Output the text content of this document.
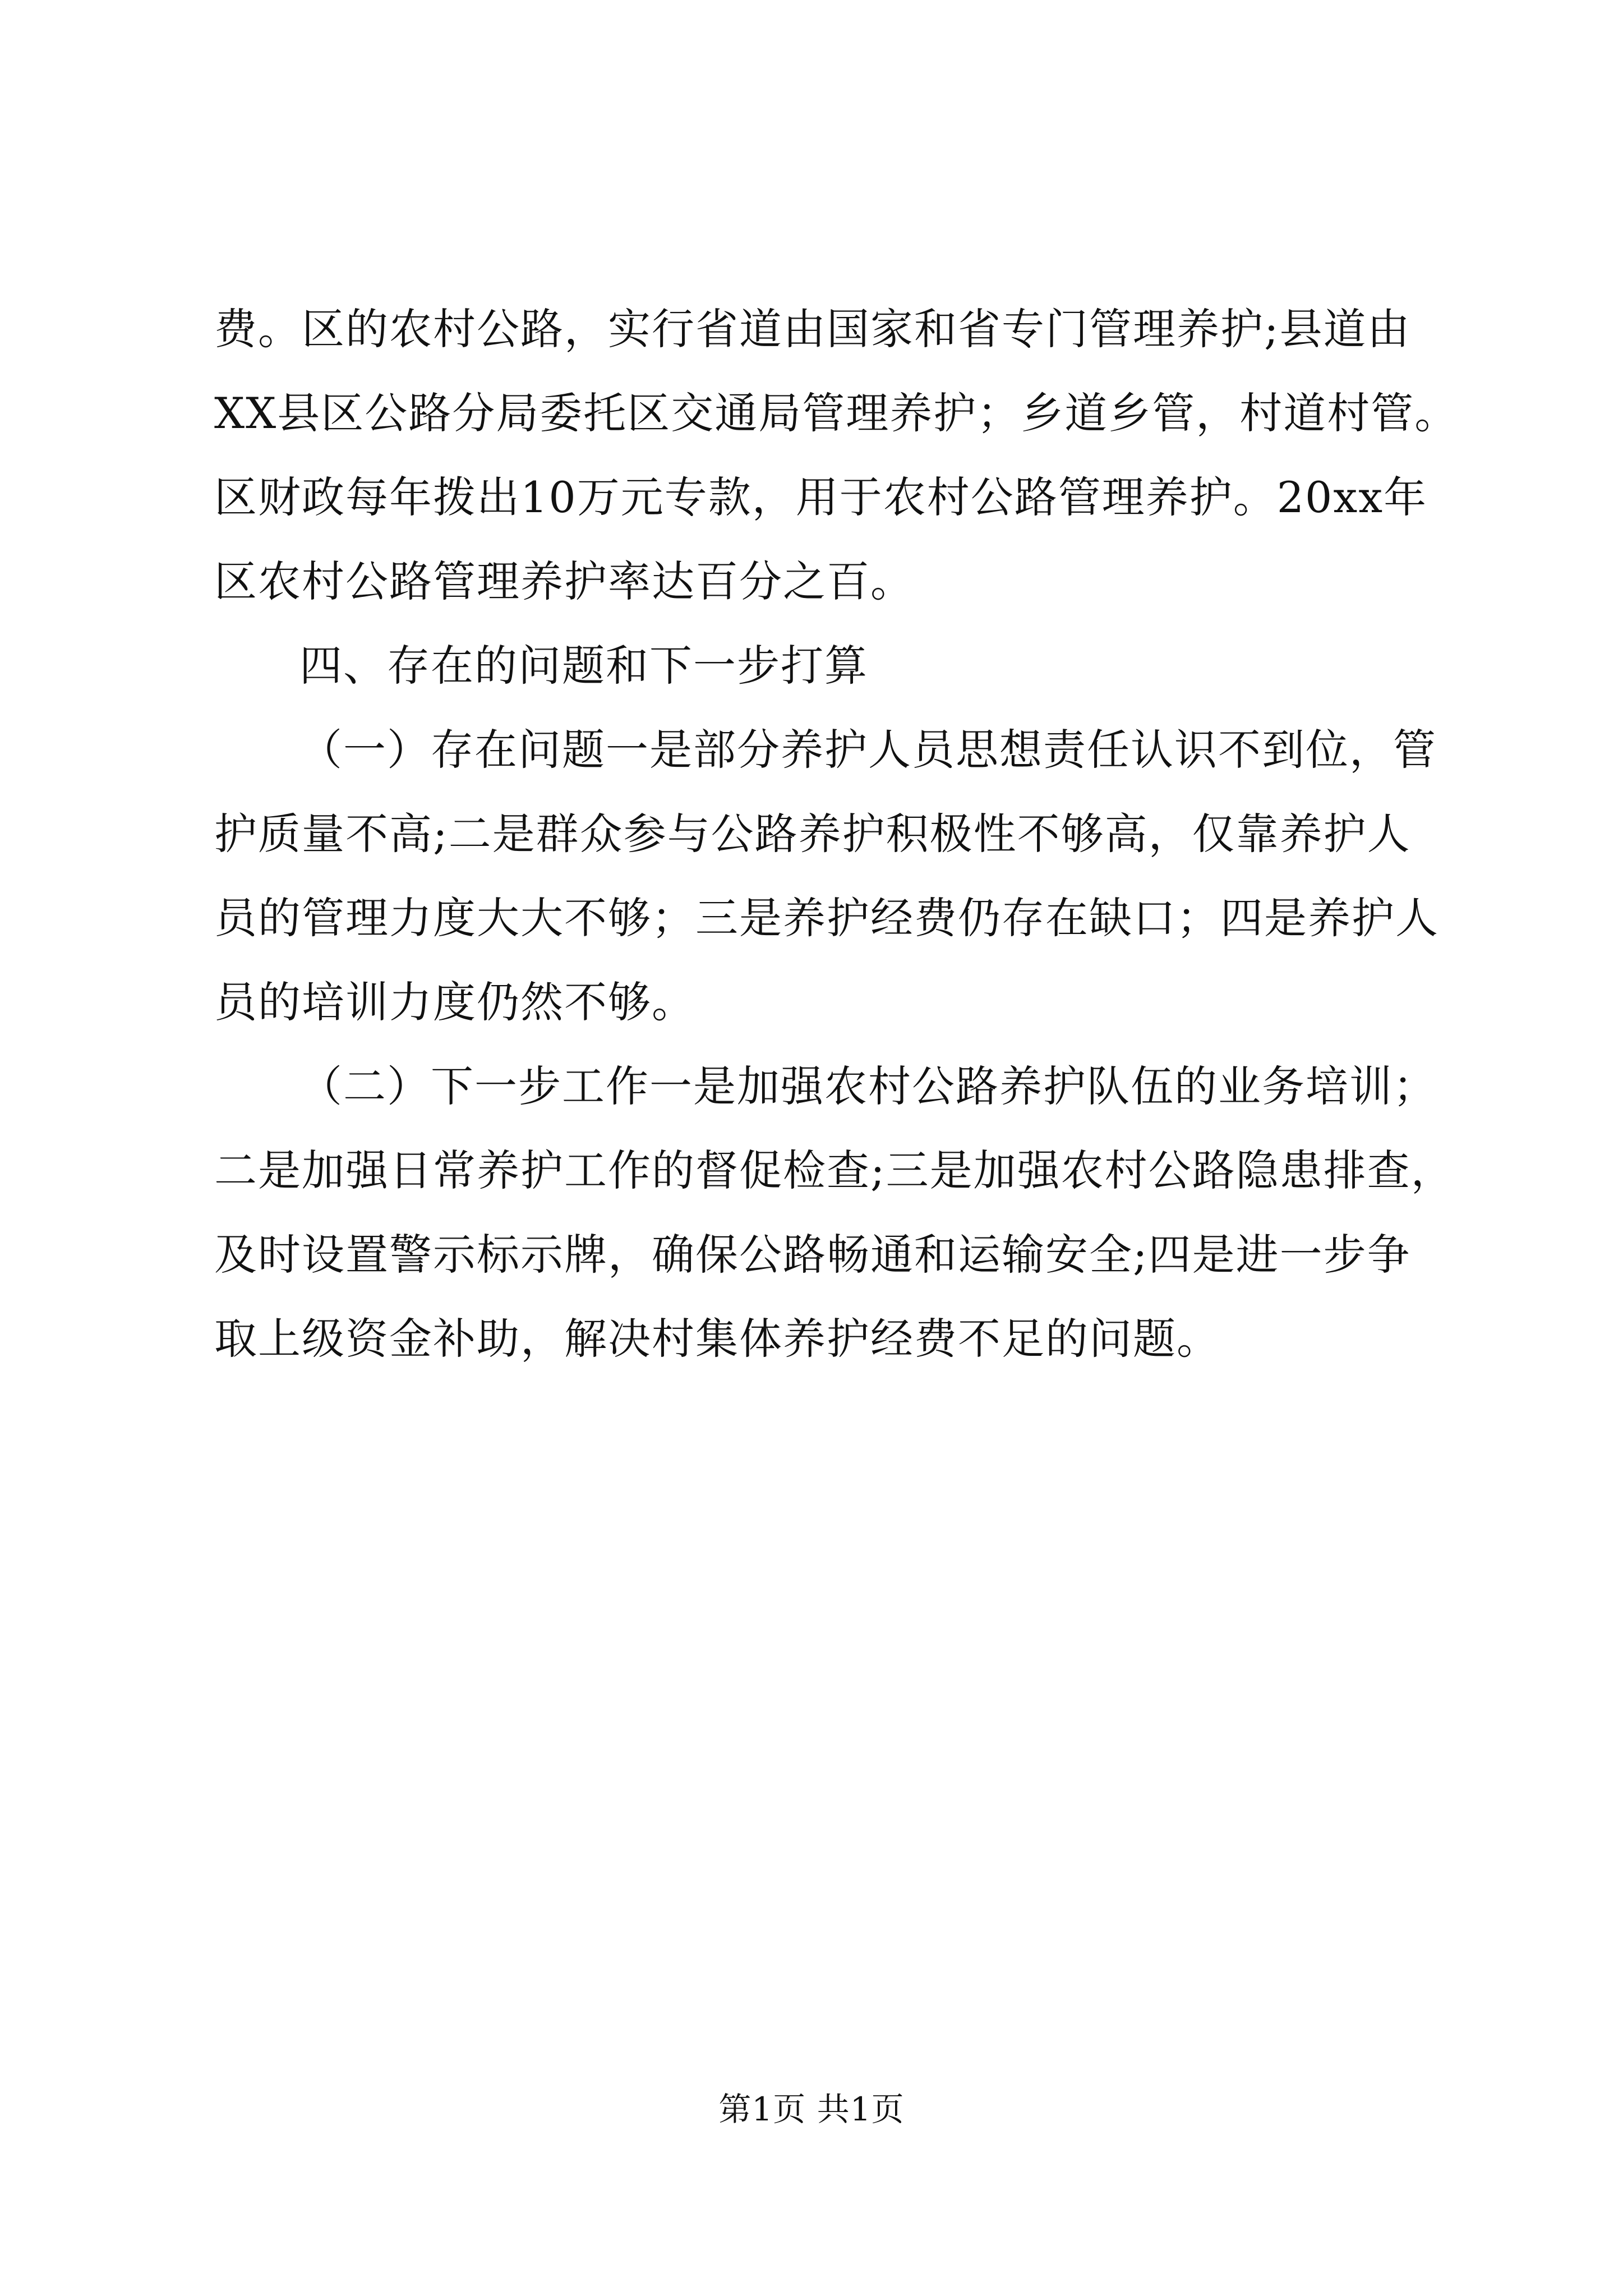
费。区的农村公路，实行省道由国家和省专门管理养护;县道由
XX县区公路分局委托区交通局管理养护；乡道乡管，村道村管。
区财政每年拨出10万元专款，用于农村公路管理养护。20xx年
区农村公路管理养护率达百分之百。

四、存在的问题和下一步打算

（一）存在问题一是部分养护人员思想责任认识不到位，管
护质量不高;二是群众参与公路养护积极性不够高，仅靠养护人
员的管理力度大大不够；三是养护经费仍存在缺口；四是养护人
员的培训力度仍然不够。

（二）下一步工作一是加强农村公路养护队伍的业务培训；
二是加强日常养护工作的督促检查;三是加强农村公路隐患排查，
及时设置警示标示牌，确保公路畅通和运输安全;四是进一步争
取上级资金补助，解决村集体养护经费不足的问题。

第1页 共1页
